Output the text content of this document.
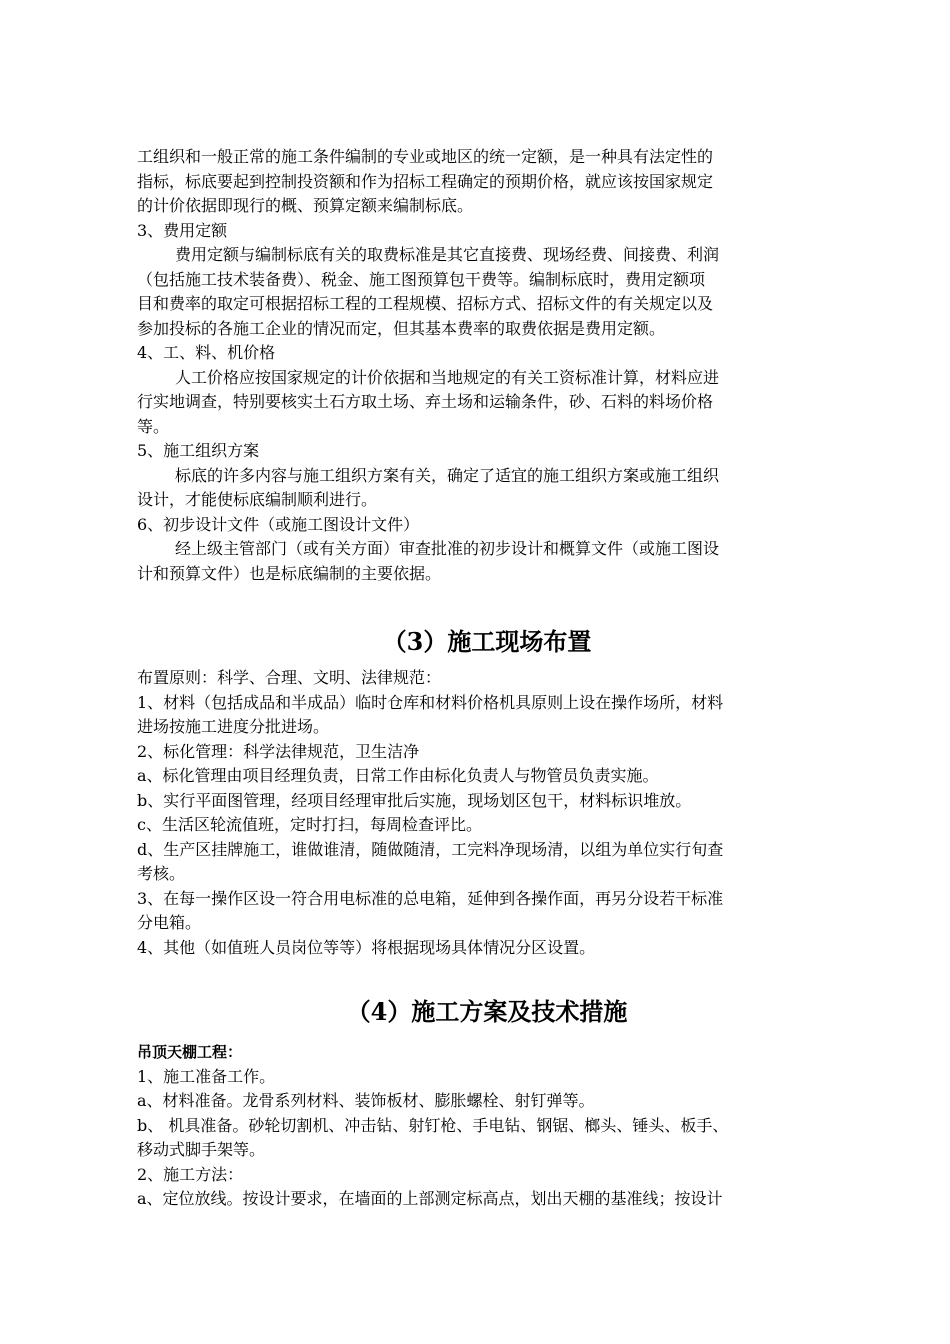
工组织和一般正常的施工条件编制的专业或地区的统一定额，是一种具有法定性的

指标，标底要起到控制投资额和作为招标工程确定的预期价格，就应该按国家规定

的计价依据即现行的概、预算定额来编制标底。

3、费用定额

费用定额与编制标底有关的取费标准是其它直接费、现场经费、间接费、利润

（包括施工技术装备费）、税金、施工图预算包干费等。编制标底时，费用定额项

目和费率的取定可根据招标工程的工程规模、招标方式、招标文件的有关规定以及

参加投标的各施工企业的情况而定，但其基本费率的取费依据是费用定额。

4、工、料、机价格

人工价格应按国家规定的计价依据和当地规定的有关工资标准计算，材料应进

行实地调查，特别要核实土石方取土场、弃土场和运输条件，砂、石料的料场价格

等。

5、施工组织方案

标底的许多内容与施工组织方案有关，确定了适宜的施工组织方案或施工组织

设计，才能使标底编制顺利进行。

6、初步设计文件（或施工图设计文件）

经上级主管部门（或有关方面）审查批准的初步设计和概算文件（或施工图设

计和预算文件）也是标底编制的主要依据。

（3）施工现场布置

布置原则：科学、合理、文明、法律规范：

1、材料（包括成品和半成品）临时仓库和材料价格机具原则上设在操作场所，材料

进场按施工进度分批进场。

2、标化管理：科学法律规范，卫生洁净

a、标化管理由项目经理负责，日常工作由标化负责人与物管员负责实施。

b、实行平面图管理，经项目经理审批后实施，现场划区包干，材料标识堆放。

c、生活区轮流值班，定时打扫，每周检查评比。

d、生产区挂牌施工，谁做谁清，随做随清，工完料净现场清，以组为单位实行旬查

考核。

3、在每一操作区设一符合用电标准的总电箱，延伸到各操作面，再另分设若干标准

分电箱。

4、其他（如值班人员岗位等等）将根据现场具体情况分区设置。

（4）施工方案及技术措施

吊顶天棚工程：

1、施工准备工作。

a、材料准备。龙骨系列材料、装饰板材、膨胀螺栓、射钉弹等。

b、 机具准备。砂轮切割机、冲击钻、射钉枪、手电钻、钢锯、榔头、锤头、板手、

移动式脚手架等。

2、施工方法：

a、定位放线。按设计要求，在墙面的上部测定标高点，划出天棚的基准线；按设计
